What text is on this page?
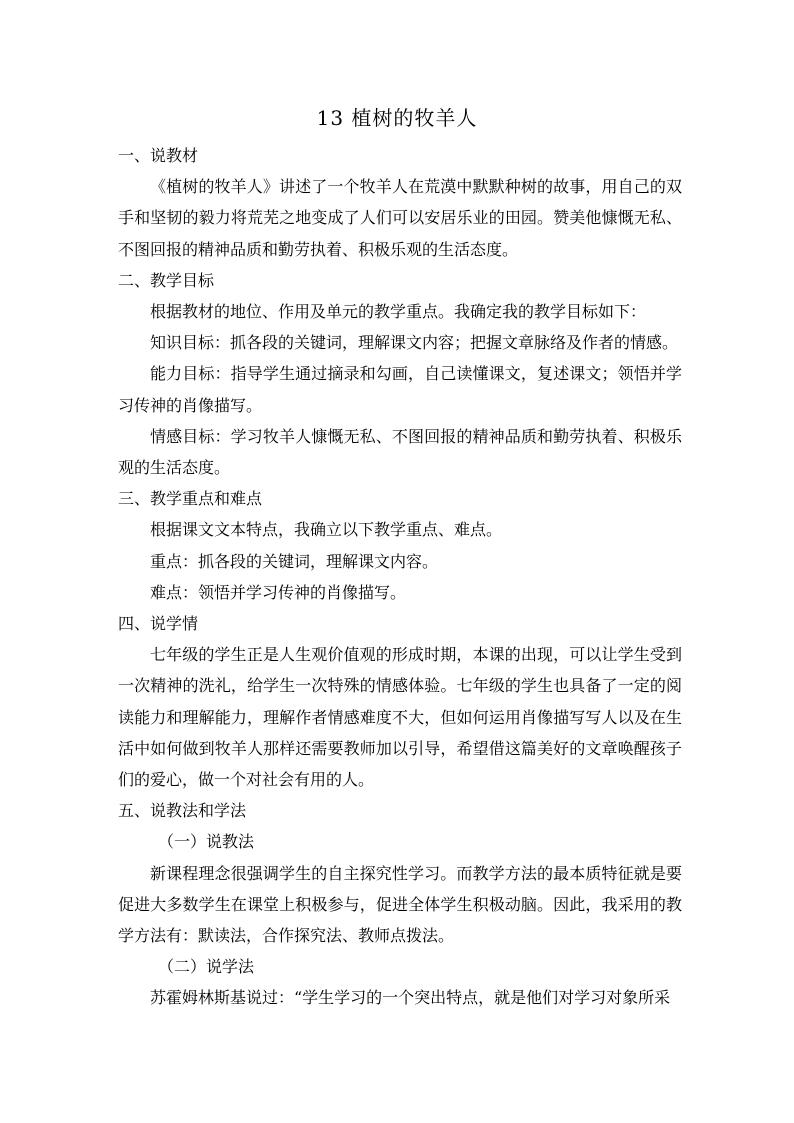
13 植树的牧羊人

一、说教材

《植树的牧羊人》讲述了一个牧羊人在荒漠中默默种树的故事，用自己的双手和坚韧的毅力将荒芜之地变成了人们可以安居乐业的田园。赞美他慷慨无私、不图回报的精神品质和勤劳执着、积极乐观的生活态度。

二、教学目标

根据教材的地位、作用及单元的教学重点。我确定我的教学目标如下：

知识目标：抓各段的关键词，理解课文内容；把握文章脉络及作者的情感。

能力目标：指导学生通过摘录和勾画，自己读懂课文，复述课文；领悟并学习传神的肖像描写。

情感目标：学习牧羊人慷慨无私、不图回报的精神品质和勤劳执着、积极乐观的生活态度。

三、教学重点和难点

根据课文文本特点，我确立以下教学重点、难点。

重点：抓各段的关键词，理解课文内容。

难点：领悟并学习传神的肖像描写。

四、说学情

七年级的学生正是人生观价值观的形成时期，本课的出现，可以让学生受到一次精神的洗礼，给学生一次特殊的情感体验。七年级的学生也具备了一定的阅读能力和理解能力，理解作者情感难度不大，但如何运用肖像描写写人以及在生活中如何做到牧羊人那样还需要教师加以引导，希望借这篇美好的文章唤醒孩子们的爱心，做一个对社会有用的人。

五、说教法和学法

（一）说教法

新课程理念很强调学生的自主探究性学习。而教学方法的最本质特征就是要促进大多数学生在课堂上积极参与，促进全体学生积极动脑。因此，我采用的教学方法有：默读法，合作探究法、教师点拨法。

（二）说学法

苏霍姆林斯基说过：“学生学习的一个突出特点，就是他们对学习对象所采
